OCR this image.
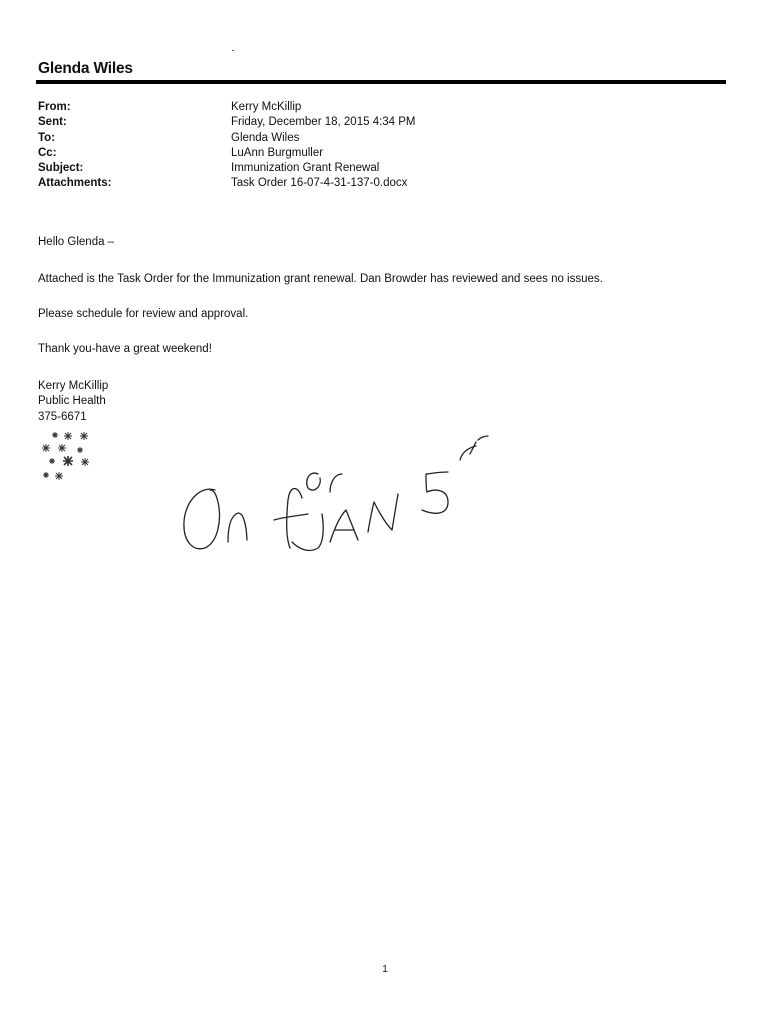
Glenda Wiles
From:	Kerry McKillip
Sent:	Friday, December 18, 2015 4:34 PM
To:	Glenda Wiles
Cc:	LuAnn Burgmuller
Subject:	Immunization Grant Renewal
Attachments:	Task Order 16-07-4-31-137-0.docx
Hello Glenda –
Attached is the Task Order for the Immunization grant renewal. Dan Browder has reviewed and sees no issues.
Please schedule for review and approval.
Thank you-have a great weekend!
Kerry McKillip
Public Health
375-6671
1
